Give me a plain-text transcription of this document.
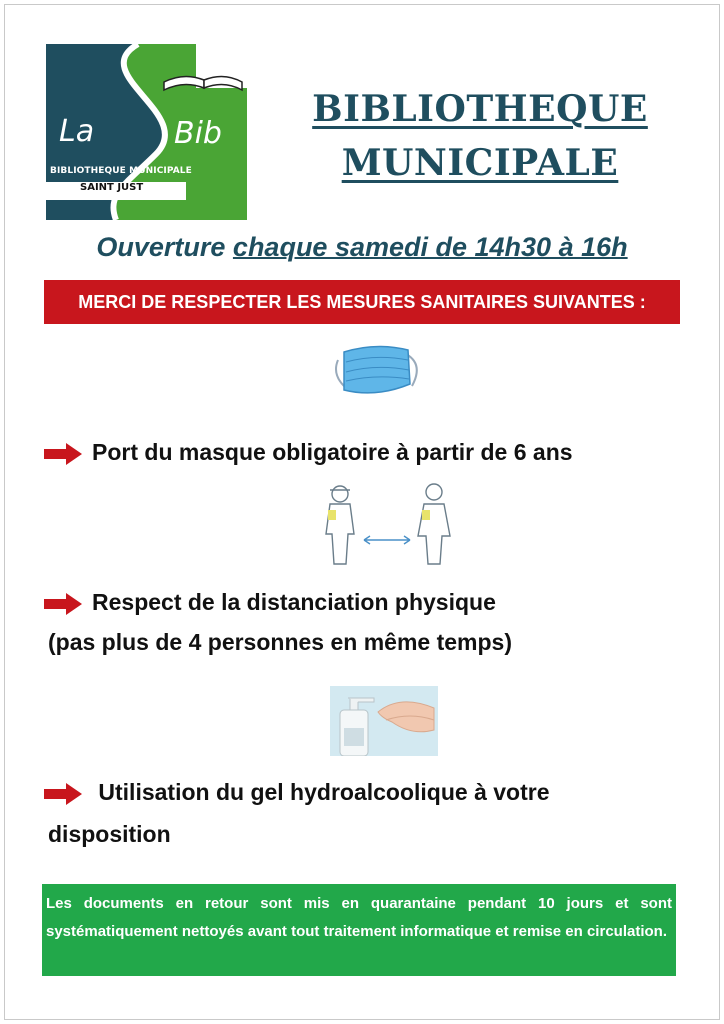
La	Bib
BIBLIOTHEQUE MUNICIPALE
SAINT JUST
BIBLIOTHEQUE
MUNICIPALE
Ouverture chaque samedi de 14h30 à 16h
MERCI DE RESPECTER LES MESURES SANITAIRES SUIVANTES :
Port du masque obligatoire à partir de 6 ans
Respect de la distanciation physique
(pas plus de 4 personnes en même temps)
Utilisation du gel hydroalcoolique à votre
disposition
Les documents en retour sont mis en quarantaine pendant 10 jours et sont systématiquement nettoyés avant tout traitement informatique et remise en circulation.
